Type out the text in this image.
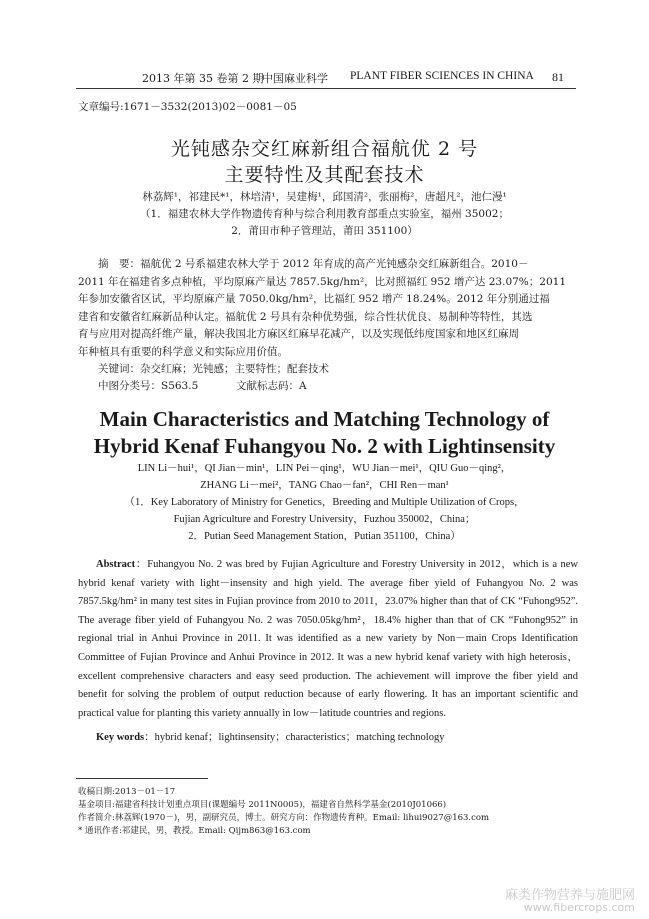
2013 年第 35 卷第 2 期
中国麻业科学 PLANT FIBER SCIENCES IN CHINA 81
文章编号:1671－3532(2013)02－0081－05
光钝感杂交红麻新组合福航优 2 号
主要特性及其配套技术
林荔辉¹，祁建民*¹，林培清¹，吴建梅¹，邱国清²，张丽梅²，唐超凡²，池仁漫¹
（1．福建农林大学作物遗传育种与综合利用教育部重点实验室，福州 35002；
2．莆田市种子管理站，莆田 351100）
摘　要：福航优 2 号系福建农林大学于 2012 年育成的高产光钝感杂交红麻新组合。2010－
2011 年在福建省多点种植，平均原麻产量达 7857.5kg/hm²，比对照福红 952 增产达 23.07%；2011
年参加安徽省区试，平均原麻产量 7050.0kg/hm²，比福红 952 增产 18.24%。2012 年分别通过福
建省和安徽省红麻新品种认定。福航优 2 号具有杂种优势强，综合性状优良、易制种等特性，其选
育与应用对提高纤维产量，解决我国北方麻区红麻早花减产，以及实现低纬度国家和地区红麻周
年种植具有重要的科学意义和实际应用价值。
关键词：杂交红麻；光钝感；主要特性；配套技术
中图分类号：S563.5	文献标志码：A
Main Characteristics and Matching Technology of
Hybrid Kenaf Fuhangyou No. 2 with Lightinsensity
LIN Li－hui¹，QI Jian－min¹，LIN Pei－qing¹，WU Jian－mei¹，QIU Guo－qing²，
ZHANG Li－mei²，TANG Chao－fan²，CHI Ren－man¹
（1．Key Laboratory of Ministry for Genetics，Breeding and Multiple Utilization of Crops，
Fujian Agriculture and Forestry University，Fuzhou 350002，China；
2．Putian Seed Management Station，Putian 351100，China）
Abstract：Fuhangyou No. 2 was bred by Fujian Agriculture and Forestry University in 2012，which is a new hybrid kenaf variety with light－insensity and high yield. The average fiber yield of Fuhangyou No. 2 was 7857.5kg/hm² in many test sites in Fujian province from 2010 to 2011，23.07% higher than that of CK “Fuhong952”. The average fiber yield of Fuhangyou No. 2 was 7050.05kg/hm²，18.4% higher than that of CK “Fuhong952” in regional trial in Anhui Province in 2011. It was identified as a new variety by Non－main Crops Identification Committee of Fujian Province and Anhui Province in 2012. It was a new hybrid kenaf variety with high heterosis，excellent comprehensive characters and easy seed production. The achievement will improve the fiber yield and benefit for solving the problem of output reduction because of early flowering. It has an important scientific and practical value for planting this variety annually in low－latitude countries and regions.
Key words：hybrid kenaf；lightinsensity；characteristics；matching technology
收稿日期:2013－01－17
基金项目:福建省科技计划重点项目(课题编号 2011N0005)，福建省自然科学基金(2010J01066)
作者简介:林荔辉(1970－)，男，副研究员，博士。研究方向：作物遗传育种。Email: lihui9027@163.com
* 通讯作者:祁建民，男，教授。Email: Qijm863@163.com
麻类作物营养与施肥网
www.fibercrops.com
